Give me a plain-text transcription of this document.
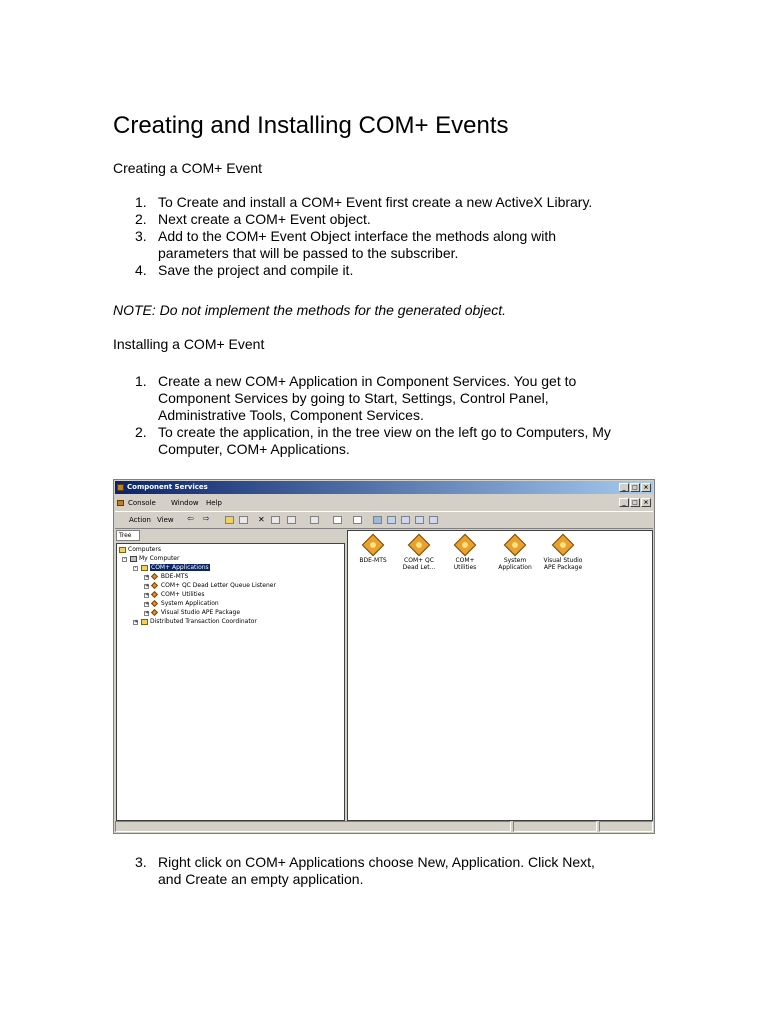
Creating and Installing COM+ Events

Creating a COM+ Event

1. To Create and install a COM+ Event first create a new ActiveX Library.
2. Next create a COM+ Event object.
3. Add to the COM+ Event Object interface the methods along with
parameters that will be passed to the subscriber.
4. Save the project and compile it.

NOTE: Do not implement the methods for the generated object.

Installing a COM+ Event

1. Create a new COM+ Application in Component Services. You get to
Component Services by going to Start, Settings, Control Panel,
Administrative Tools, Component Services.
2. To create the application, in the tree view on the left go to Computers, My
Computer, COM+ Applications.
Component Services	_	□ ×
Console Window Help	_	□ ×
Action View ⇦ ⇨	✕
Tree
Computers
-	My Computer
-	COM+ Applications
+	BDE-MTS
+	COM+ QC Dead Letter Queue Listener
+	COM+ Utilities
+	System Application
+	Visual Studio APE Package
+	Distributed Transaction Coordinator
BDE-MTS	COM+ QC
Dead Let...
COM+ Utilities

System
Application
Visual Studio
APE Package
3. Right click on COM+ Applications choose New, Application. Click Next,
and Create an empty application.
